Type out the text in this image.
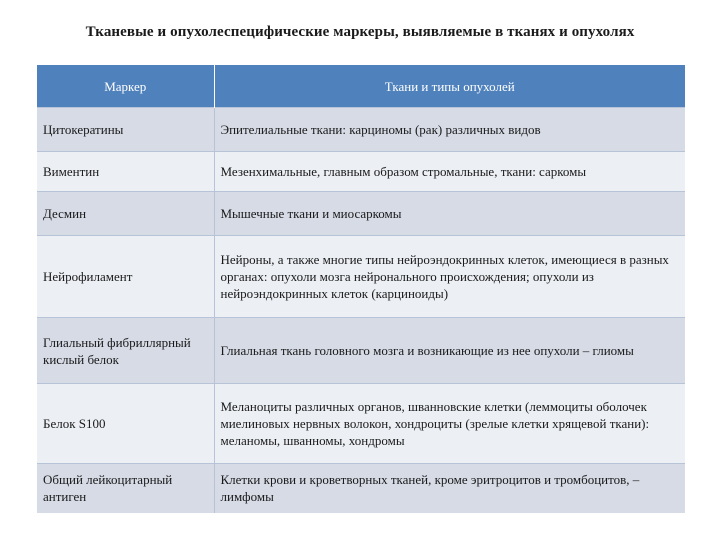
Тканевые и опухолеспецифические маркеры, выявляемые в тканях и опухолях
Маркер	Ткани и типы опухолей
Цитокератины	Эпителиальные ткани: карциномы (рак) различных видов
Виментин	Мезенхимальные, главным образом стромальные, ткани: саркомы
Десмин	Мышечные ткани и миосаркомы
Нейрофиламент	Нейроны, а также многие типы нейроэндокринных клеток, имеющиеся в разных органах: опухоли мозга нейронального происхождения; опухоли из нейроэндокринных клеток (карциноиды)
Глиальный фибриллярный кислый белок	Глиальная ткань головного мозга и возникающие из нее опухоли – глиомы
Белок S100	Меланоциты различных органов, шванновские клетки (леммоциты оболочек миелиновых нервных волокон, хондроциты (зрелые клетки хрящевой ткани): меланомы, шванномы, хондромы
Общий лейкоцитарный антиген	Клетки крови и кроветворных тканей, кроме эритроцитов и тромбоцитов, – лимфомы
